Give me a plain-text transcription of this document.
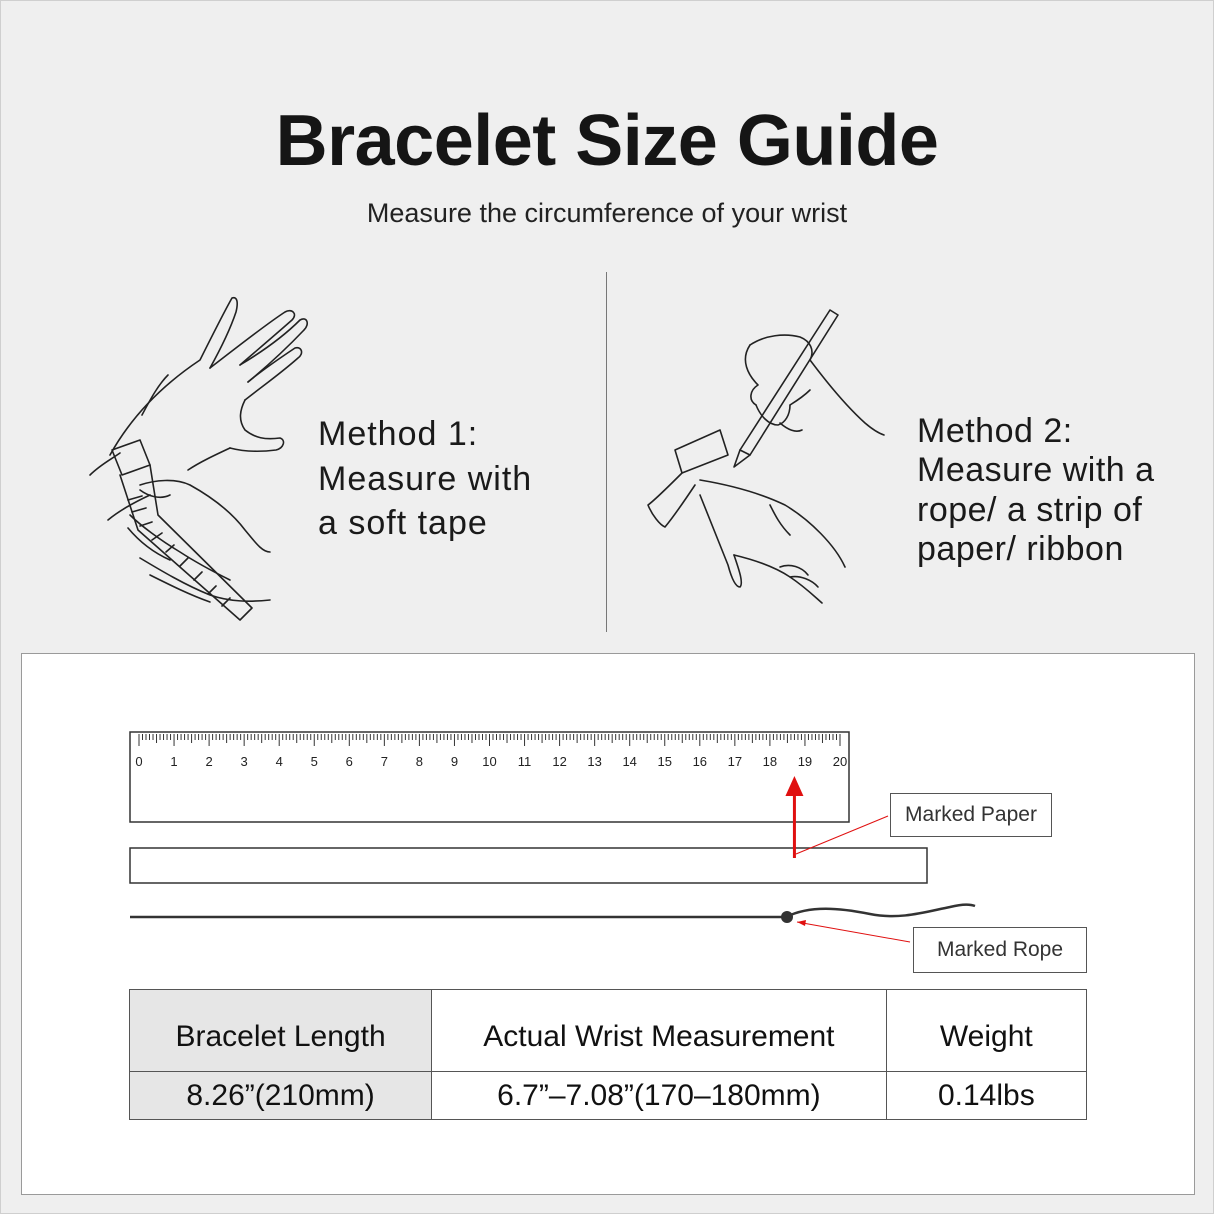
Bracelet Size Guide
Measure the circumference of your wrist
Method 1:
Measure with
a soft tape
Method 2:
Measure with a
rope/ a strip of
paper/ ribbon
0 1 2 3 4 5 6 7 8 9 10 11 12 13 14 15 16 17 18 19 20
Marked Paper
Marked Rope
Bracelet Length	Actual Wrist Measurement	Weight
8.26”(210mm)	6.7”–7.08”(170–180mm)	0.14lbs
